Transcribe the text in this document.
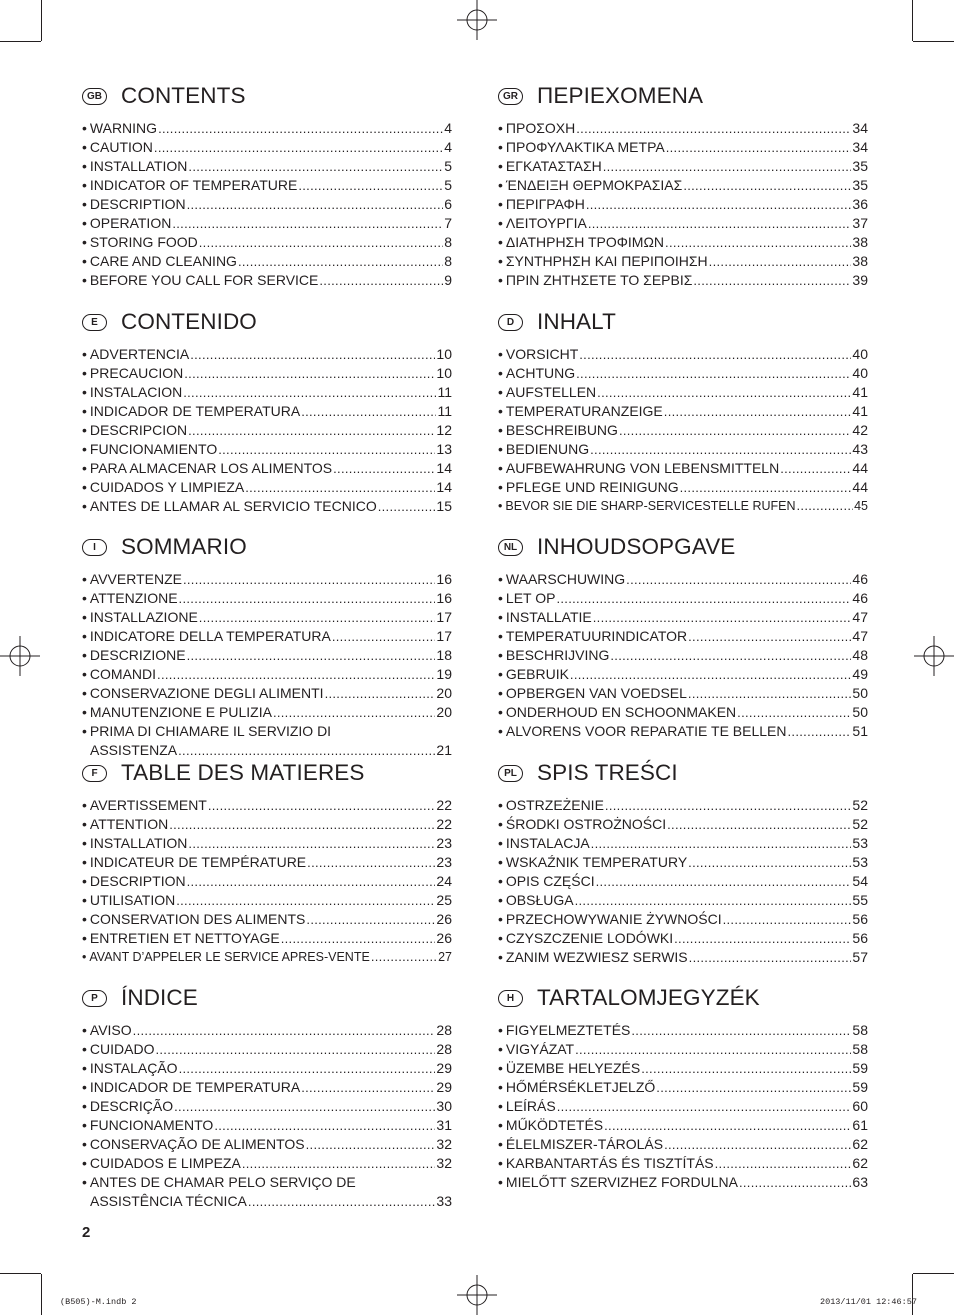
GB CONTENTS
• WARNING .....	4
• CAUTION .....	4
• INSTALLATION .....	5
• INDICATOR OF TEMPERATURE .....	5
• DESCRIPTION .....	6
• OPERATION .....	7
• STORING FOOD .....	8
• CARE AND CLEANING .....	8
• BEFORE YOU CALL FOR SERVICE .....	9
GR ΠΕΡΙΕΧΟΜΕΝΑ
• ΠΡΟΣΟΧΗ .....	34
• ΠΡΟΦΥΛΑΚΤΙΚΑ ΜΕΤΡΑ .....	34
• ΕΓΚΑΤΑΣΤΑΣΗ .....	35
• ΈΝΔΕΙΞΗ ΘΕΡΜΟΚΡΑΣΙΑΣ .....	35
• ΠΕΡΙΓΡΑΦΗ .....	36
• ΛΕΙΤΟΥΡΓΙΑ .....	37
• ΔΙΑΤΗΡΗΣΗ ΤΡΟΦΙΜΩΝ .....	38
• ΣΥΝΤΗΡΗΣΗ ΚΑΙ ΠΕΡΙΠΟΙΗΣΗ .....	38
• ΠΡΙΝ ΖΗΤΗΣΕΤΕ ΤΟ ΣΕΡΒΙΣ .....	39
E	CONTENIDO
• ADVERTENCIA .....	10
• PRECAUCION .....	10
• INSTALACION .....	11
• INDICADOR DE TEMPERATURA .....	11
• DESCRIPCION .....	12
• FUNCIONAMIENTO .....	13
• PARA ALMACENAR LOS ALIMENTOS .....	14
• CUIDADOS Y LIMPIEZA .....	14
• ANTES DE LLAMAR AL SERVICIO TECNICO .....	15
D	INHALT
• VORSICHT .....	40
• ACHTUNG .....	40
• AUFSTELLEN .....	41
• TEMPERATURANZEIGE .....	41
• BESCHREIBUNG .....	42
• BEDIENUNG .....	43
• AUFBEWAHRUNG VON LEBENSMITTELN .....	44
• PFLEGE UND REINIGUNG .....	44
• BEVOR SIE DIE SHARP-SERVICESTELLE RUFEN .....	45
I	SOMMARIO
• AVVERTENZE .....	16
• ATTENZIONE .....	16
• INSTALLAZIONE .....	17
• INDICATORE DELLA TEMPERATURA .....	17
• DESCRIZIONE .....	18
• COMANDI .....	19
• CONSERVAZIONE DEGLI ALIMENTI .....	20
• MANUTENZIONE E PULIZIA .....	20
• PRIMA DI CHIAMARE IL SERVIZIO DI
ASSISTENZA .....	21
NL INHOUDSOPGAVE
• WAARSCHUWING .....	46
• LET OP .....	46
• INSTALLATIE .....	47
• TEMPERATUURINDICATOR .....	47
• BESCHRIJVING .....	48
• GEBRUIK .....	49
• OPBERGEN VAN VOEDSEL .....	50
• ONDERHOUD EN SCHOONMAKEN .....	50
• ALVORENS VOOR REPARATIE TE BELLEN .....	51
F	TABLE DES MATIERES
• AVERTISSEMENT .....	22
• ATTENTION .....	22
• INSTALLATION .....	23
• INDICATEUR DE TEMPÉRATURE .....	23
• DESCRIPTION .....	24
• UTILISATION .....	25
• CONSERVATION DES ALIMENTS .....	26
• ENTRETIEN ET NETTOYAGE .....	26
• AVANT D’APPELER LE SERVICE APRES-VENTE .....	27
PL SPIS TREŚCI
• OSTRZEŻENIE .....	52
• ŚRODKI OSTROŻNOŚCI .....	52
• INSTALACJA .....	53
• WSKAŹNIK TEMPERATURY .....	53
• OPIS CZĘŚCI .....	54
• OBSŁUGA .....	55
• PRZECHOWYWANIE ŻYWNOŚCI .....	56
• CZYSZCZENIE LODÓWKI .....	56
• ZANIM WEZWIESZ SERWIS .....	57
P	ÍNDICE
• AVISO .....	28
• CUIDADO .....	28
• INSTALAÇÃO .....	29
• INDICADOR DE TEMPERATURA .....	29
• DESCRIÇÃO .....	30
• FUNCIONAMENTO .....	31
• CONSERVAÇÃO DE ALIMENTOS .....	32
• CUIDADOS E LIMPEZA .....	32
• ANTES DE CHAMAR PELO SERVIÇO DE
ASSISTÊNCIA TÉCNICA .....	33
H	TARTALOMJEGYZÉK
• FIGYELMEZTETÉS .....	58
• VIGYÁZAT .....	58
• ÜZEMBE HELYEZÉS .....	59
• HŐMÉRSÉKLETJELZŐ .....	59
• LEÍRÁS .....	60
• MŰKÖDTETÉS .....	61
• ÉLELMISZER-TÁROLÁS .....	62
• KARBANTARTÁS ÉS TISZTÍTÁS .....	62
• MIELŐTT SZERVIZHEZ FORDULNA .....	63
2
(B505)-M.indb 2	2013/11/01 12:46:57
